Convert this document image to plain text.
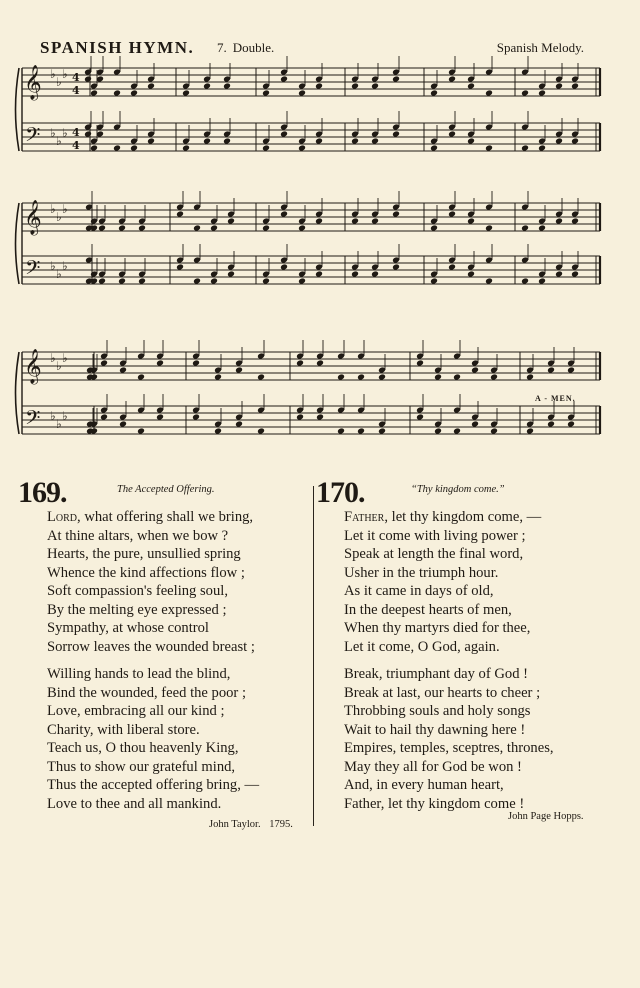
SPANISH HYMN. 7. Double.	Spanish Melody.
𝄞
𝄢
♭
♭
♭
♭
♭
♭
4
4
4
4
𝄞
𝄢
♭
♭
♭
♭
♭
♭
𝄞
𝄢
♭
♭
♭
♭
♭
♭
A - MEN.
169.	The Accepted Offering.
Lord, what offering shall we bring,
At thine altars, when we bow ?
Hearts, the pure, unsullied spring
Whence the kind affections flow ;
Soft compassion's feeling soul,
By the melting eye expressed ;
Sympathy, at whose control
Sorrow leaves the wounded breast ;
Willing hands to lead the blind,
Bind the wounded, feed the poor ;
Love, embracing all our kind ;
Charity, with liberal store.
Teach us, O thou heavenly King,
Thus to show our grateful mind,
Thus the accepted offering bring, —
Love to thee and all mankind.
John Taylor. 1795.
170.	“Thy kingdom come.”
Father, let thy kingdom come, —
Let it come with living power ;
Speak at length the final word,
Usher in the triumph hour.
As it came in days of old,
In the deepest hearts of men,
When thy martyrs died for thee,
Let it come, O God, again.
Break, triumphant day of God !
Break at last, our hearts to cheer ;
Throbbing souls and holy songs
Wait to hail thy dawning here !
Empires, temples, sceptres, thrones,
May they all for God be won !
And, in every human heart,
Father, let thy kingdom come !
John Page Hopps.
